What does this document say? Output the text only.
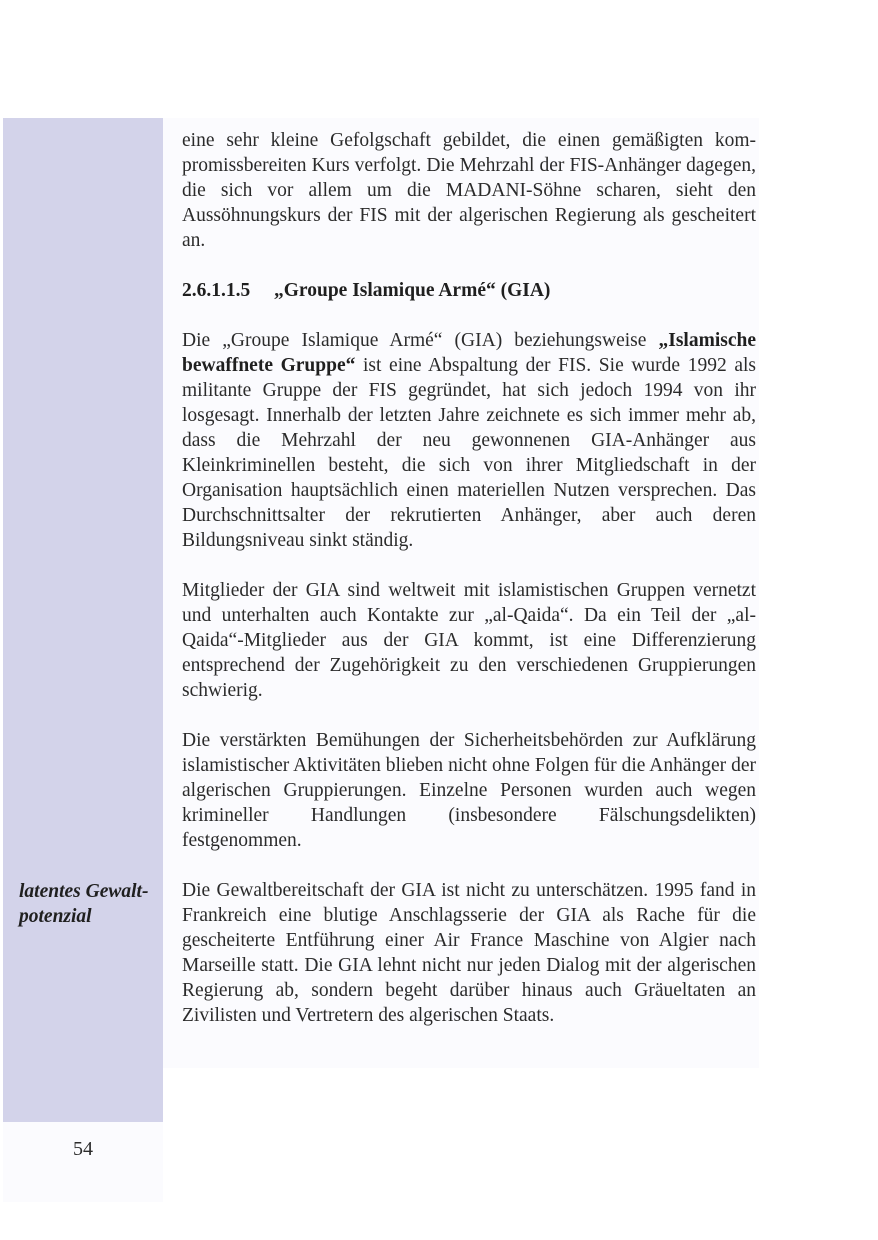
54
latentes Gewalt-
potenzial

eine sehr kleine Gefolgschaft gebildet, die einen gemäßigten kompromissbereiten Kurs verfolgt. Die Mehrzahl der FIS-Anhänger dagegen, die sich vor allem um die MADANI-Söhne scharen, sieht den Aussöhnungskurs der FIS mit der algerischen Regierung als gescheitert an.

2.6.1.1.5 „Groupe Islamique Armé“ (GIA)

Die „Groupe Islamique Armé“ (GIA) beziehungsweise „Islamische bewaffnete Gruppe“ ist eine Abspaltung der FIS. Sie wurde 1992 als militante Gruppe der FIS gegründet, hat sich jedoch 1994 von ihr losgesagt. Innerhalb der letzten Jahre zeichnete es sich immer mehr ab, dass die Mehrzahl der neu gewonnenen GIA-Anhänger aus Kleinkriminellen besteht, die sich von ihrer Mitgliedschaft in der Organisation hauptsächlich einen materiellen Nutzen versprechen. Das Durchschnittsalter der rekrutierten Anhänger, aber auch deren Bildungsniveau sinkt ständig.

Mitglieder der GIA sind weltweit mit islamistischen Gruppen vernetzt und unterhalten auch Kontakte zur „al-Qaida“. Da ein Teil der „al-Qaida“-Mitglieder aus der GIA kommt, ist eine Differenzierung entsprechend der Zugehörigkeit zu den verschiedenen Gruppierungen schwierig.

Die verstärkten Bemühungen der Sicherheitsbehörden zur Aufklärung islamistischer Aktivitäten blieben nicht ohne Folgen für die Anhänger der algerischen Gruppierungen. Einzelne Personen wurden auch wegen krimineller Handlungen (insbesondere Fälschungsdelikten) festgenommen.

Die Gewaltbereitschaft der GIA ist nicht zu unterschätzen. 1995 fand in Frankreich eine blutige Anschlagsserie der GIA als Rache für die gescheiterte Entführung einer Air France Maschine von Algier nach Marseille statt. Die GIA lehnt nicht nur jeden Dialog mit der algerischen Regierung ab, sondern begeht darüber hinaus auch Gräueltaten an Zivilisten und Vertretern des algerischen Staats.
